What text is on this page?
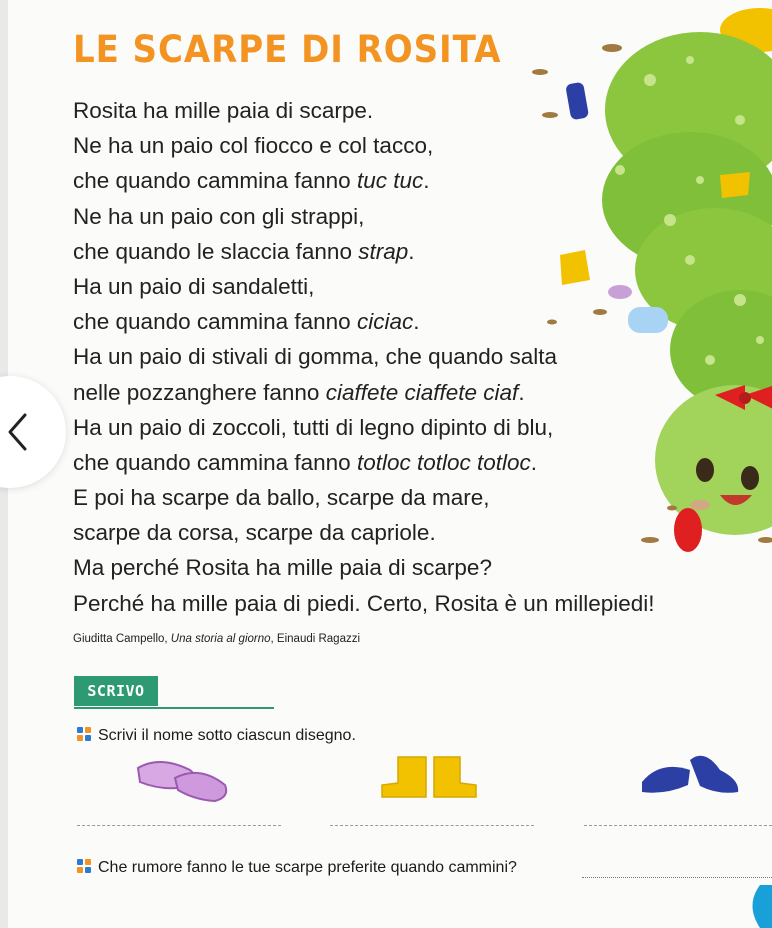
LE SCARPE DI ROSITA
Rosita ha mille paia di scarpe.
Ne ha un paio col fiocco e col tacco,
che quando cammina fanno tuc tuc.
Ne ha un paio con gli strappi,
che quando le slaccia fanno strap.
Ha un paio di sandaletti,
che quando cammina fanno ciciac.
Ha un paio di stivali di gomma, che quando salta
nelle pozzanghere fanno ciaffete ciaffete ciaf.
Ha un paio di zoccoli, tutti di legno dipinto di blu,
che quando cammina fanno totloc totloc totloc.
E poi ha scarpe da ballo, scarpe da mare,
scarpe da corsa, scarpe da capriole.
Ma perché Rosita ha mille paia di scarpe?
Perché ha mille paia di piedi. Certo, Rosita è un millepiedi!
Giuditta Campello, Una storia al giorno, Einaudi Ragazzi
SCRIVO
Scrivi il nome sotto ciascun disegno.
Che rumore fanno le tue scarpe preferite quando cammini?
